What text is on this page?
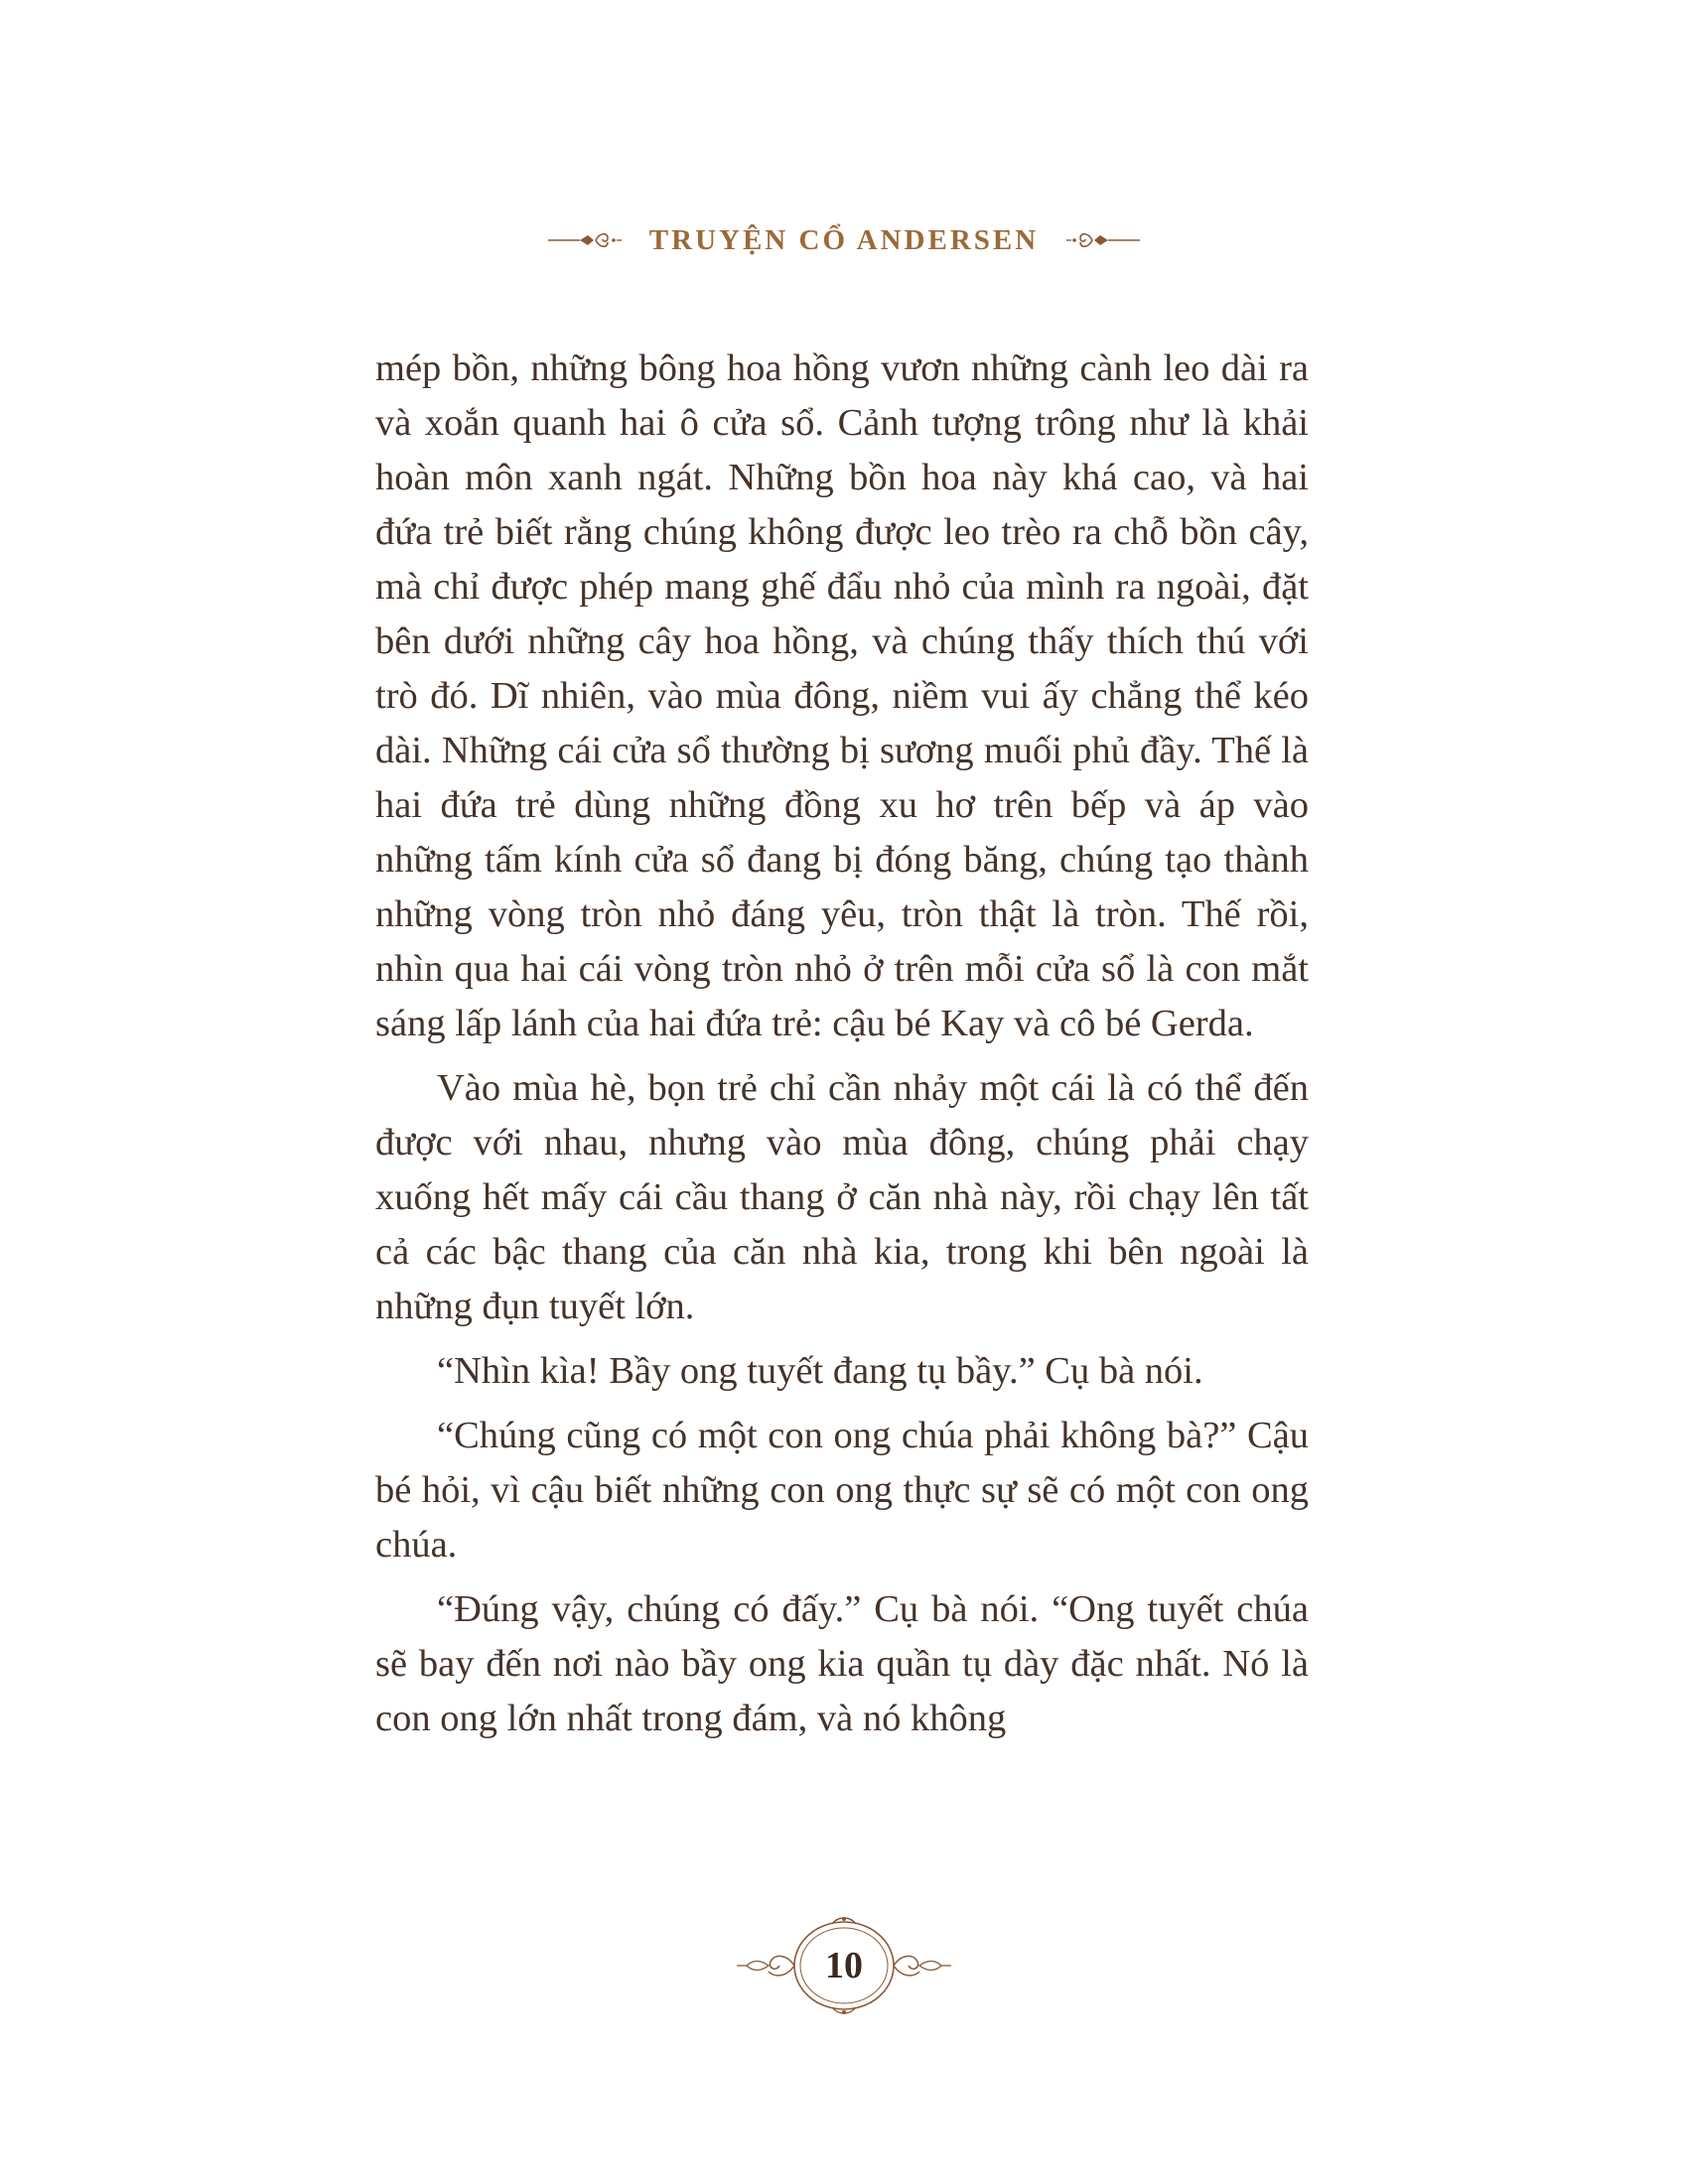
TRUYỆN CỔ ANDERSEN

mép bồn, những bông hoa hồng vươn những cành leo dài ra và xoắn quanh hai ô cửa sổ. Cảnh tượng trông như là khải hoàn môn xanh ngát. Những bồn hoa này khá cao, và hai đứa trẻ biết rằng chúng không được leo trèo ra chỗ bồn cây, mà chỉ được phép mang ghế đẩu nhỏ của mình ra ngoài, đặt bên dưới những cây hoa hồng, và chúng thấy thích thú với trò đó. Dĩ nhiên, vào mùa đông, niềm vui ấy chẳng thể kéo dài. Những cái cửa sổ thường bị sương muối phủ đầy. Thế là hai đứa trẻ dùng những đồng xu hơ trên bếp và áp vào những tấm kính cửa sổ đang bị đóng băng, chúng tạo thành những vòng tròn nhỏ đáng yêu, tròn thật là tròn. Thế rồi, nhìn qua hai cái vòng tròn nhỏ ở trên mỗi cửa sổ là con mắt sáng lấp lánh của hai đứa trẻ: cậu bé Kay và cô bé Gerda.

Vào mùa hè, bọn trẻ chỉ cần nhảy một cái là có thể đến được với nhau, nhưng vào mùa đông, chúng phải chạy xuống hết mấy cái cầu thang ở căn nhà này, rồi chạy lên tất cả các bậc thang của căn nhà kia, trong khi bên ngoài là những đụn tuyết lớn.

“Nhìn kìa! Bầy ong tuyết đang tụ bầy.” Cụ bà nói.

“Chúng cũng có một con ong chúa phải không bà?” Cậu bé hỏi, vì cậu biết những con ong thực sự sẽ có một con ong chúa.

“Đúng vậy, chúng có đấy.” Cụ bà nói. “Ong tuyết chúa sẽ bay đến nơi nào bầy ong kia quần tụ dày đặc nhất. Nó là con ong lớn nhất trong đám, và nó không

10
